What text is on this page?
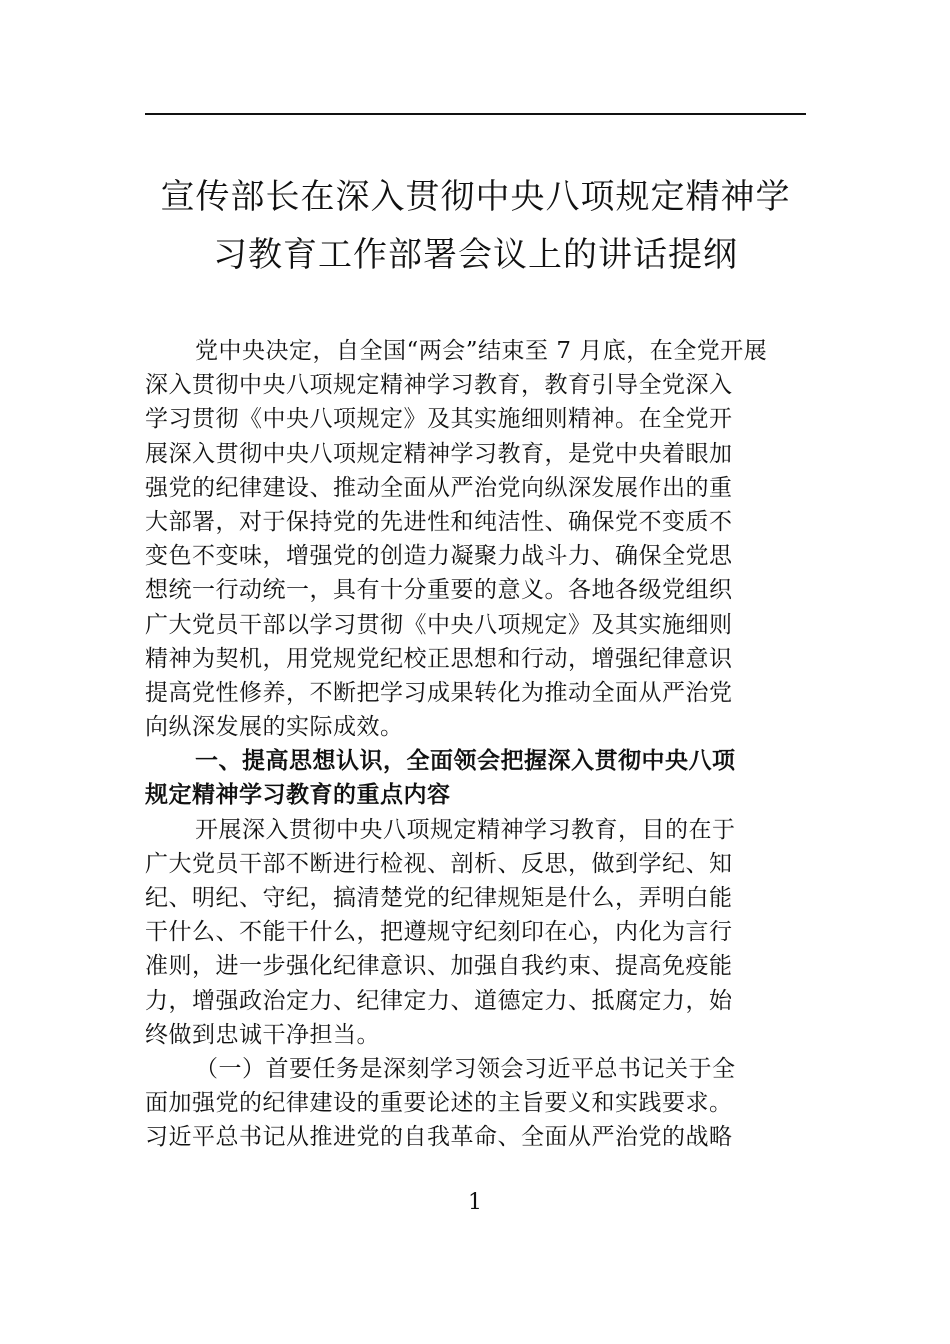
宣传部长在深入贯彻中央八项规定精神学
习教育工作部署会议上的讲话提纲
党中央决定，自全国“两会”结束至 7 月底，在全党开展
深入贯彻中央八项规定精神学习教育，教育引导全党深入
学习贯彻《中央八项规定》及其实施细则精神。在全党开
展深入贯彻中央八项规定精神学习教育，是党中央着眼加
强党的纪律建设、推动全面从严治党向纵深发展作出的重
大部署，对于保持党的先进性和纯洁性、确保党不变质不
变色不变味，增强党的创造力凝聚力战斗力、确保全党思
想统一行动统一，具有十分重要的意义。各地各级党组织
广大党员干部以学习贯彻《中央八项规定》及其实施细则
精神为契机，用党规党纪校正思想和行动，增强纪律意识
提高党性修养，不断把学习成果转化为推动全面从严治党
向纵深发展的实际成效。
一、提高思想认识，全面领会把握深入贯彻中央八项
规定精神学习教育的重点内容
开展深入贯彻中央八项规定精神学习教育，目的在于
广大党员干部不断进行检视、剖析、反思，做到学纪、知
纪、明纪、守纪，搞清楚党的纪律规矩是什么，弄明白能
干什么、不能干什么，把遵规守纪刻印在心，内化为言行
准则，进一步强化纪律意识、加强自我约束、提高免疫能
力，增强政治定力、纪律定力、道德定力、抵腐定力，始
终做到忠诚干净担当。
（一）首要任务是深刻学习领会习近平总书记关于全
面加强党的纪律建设的重要论述的主旨要义和实践要求。
习近平总书记从推进党的自我革命、全面从严治党的战略
1
